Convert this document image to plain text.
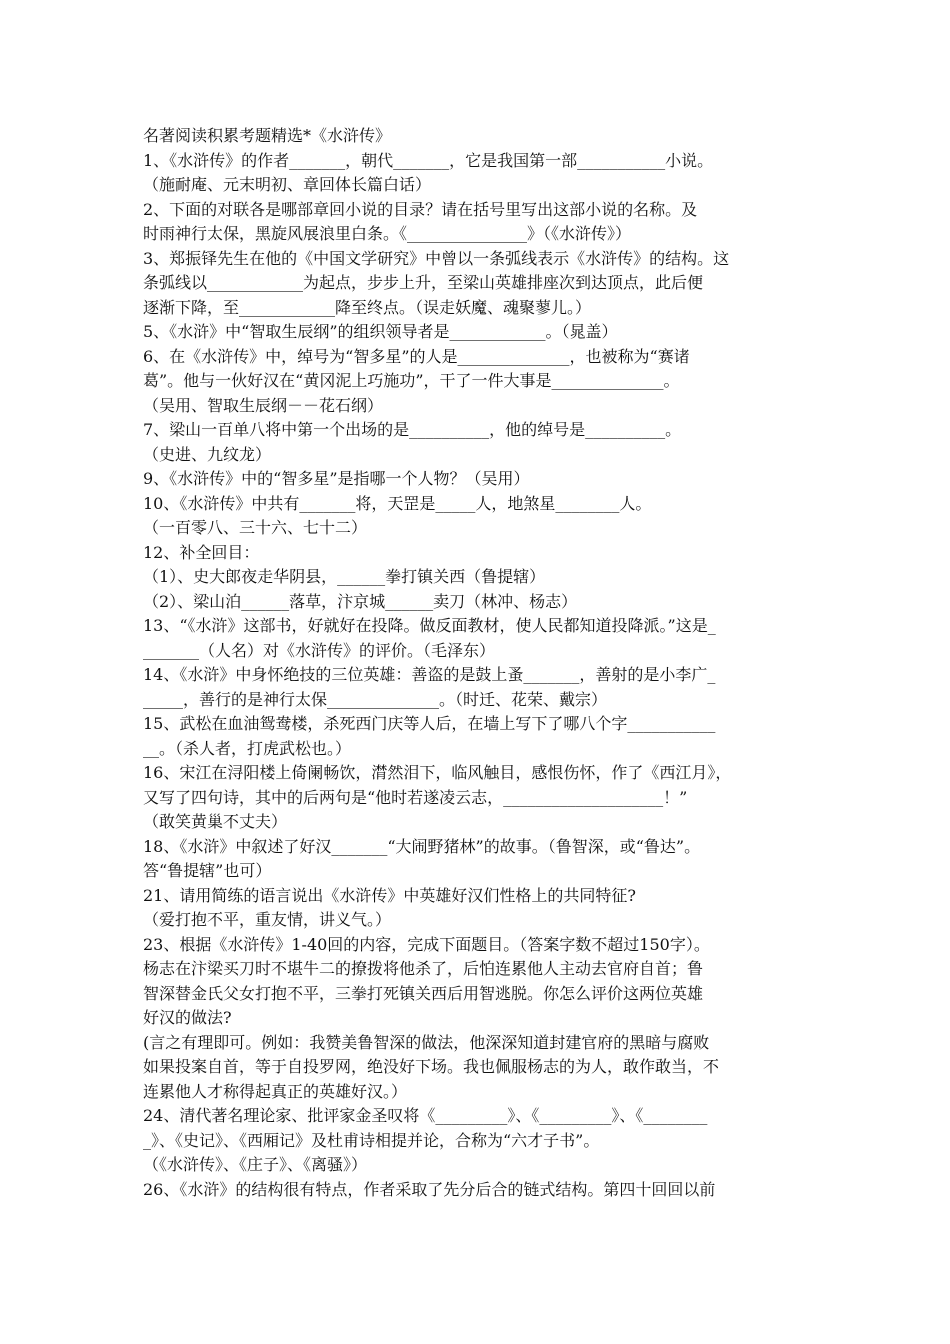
名著阅读积累考题精选*《水浒传》
1、《水浒传》的作者_______，朝代_______，它是我国第一部___________小说。
（施耐庵、元末明初、章回体长篇白话）
2、下面的对联各是哪部章回小说的目录？请在括号里写出这部小说的名称。及
时雨神行太保，黑旋风展浪里白条。《_______________》（《水浒传》）
3、郑振铎先生在他的《中国文学研究》中曾以一条弧线表示《水浒传》的结构。这
条弧线以____________为起点，步步上升，至梁山英雄排座次到达顶点，此后便
逐渐下降，至____________降至终点。（误走妖魔、魂聚蓼儿。）
5、《水浒》中“智取生辰纲”的组织领导者是____________。（晁盖）
6、在《水浒传》中，绰号为“智多星”的人是______________，也被称为“赛诸
葛”。他与一伙好汉在“黄冈泥上巧施功”，干了一件大事是______________。
（吴用、智取生辰纲－－花石纲）
7、梁山一百单八将中第一个出场的是__________，他的绰号是__________。
（史进、九纹龙）
9、《水浒传》中的“智多星”是指哪一个人物？（吴用）
10、《水浒传》中共有_______将，天罡是_____人，地煞星________人。
（一百零八、三十六、七十二）
12、补全回目：
（1）、史大郎夜走华阴县，______拳打镇关西（鲁提辖）
（2）、梁山泊______落草，汴京城______卖刀（林冲、杨志）
13、“《水浒》这部书，好就好在投降。做反面教材，使人民都知道投降派。”这是_
_______（人名）对《水浒传》的评价。（毛泽东）
14、《水浒》中身怀绝技的三位英雄：善盗的是鼓上蚤_______，善射的是小李广_
_____，善行的是神行太保______________。（时迁、花荣、戴宗）
15、武松在血油鸳鸯楼，杀死西门庆等人后，在墙上写下了哪八个字___________
__。（杀人者，打虎武松也。）
16、宋江在浔阳楼上倚阑畅饮，潸然泪下，临风触目，感恨伤怀，作了《西江月》，
又写了四句诗，其中的后两句是“他时若遂凌云志，____________________！”
（敢笑黄巢不丈夫）
18、《水浒》中叙述了好汉_______“大闹野猪林”的故事。（鲁智深，或“鲁达”。
答“鲁提辖”也可）
21、请用简练的语言说出《水浒传》中英雄好汉们性格上的共同特征?
（爱打抱不平，重友情，讲义气。）
23、根据《水浒传》1-40回的内容，完成下面题目。（答案字数不超过150字）。
杨志在汴梁买刀时不堪牛二的撩拨将他杀了，后怕连累他人主动去官府自首；鲁
智深替金氏父女打抱不平，三拳打死镇关西后用智逃脱。你怎么评价这两位英雄
好汉的做法?
(言之有理即可。例如：我赞美鲁智深的做法，他深深知道封建官府的黑暗与腐败
如果投案自首，等于自投罗网，绝没好下场。我也佩服杨志的为人，敢作敢当，不
连累他人才称得起真正的英雄好汉。）
24、清代著名理论家、批评家金圣叹将《_________》、《_________》、《________
_》、《史记》、《西厢记》及杜甫诗相提并论，合称为“六才子书”。
（《水浒传》、《庄子》、《离骚》）
26、《水浒》的结构很有特点，作者采取了先分后合的链式结构。第四十回回以前
